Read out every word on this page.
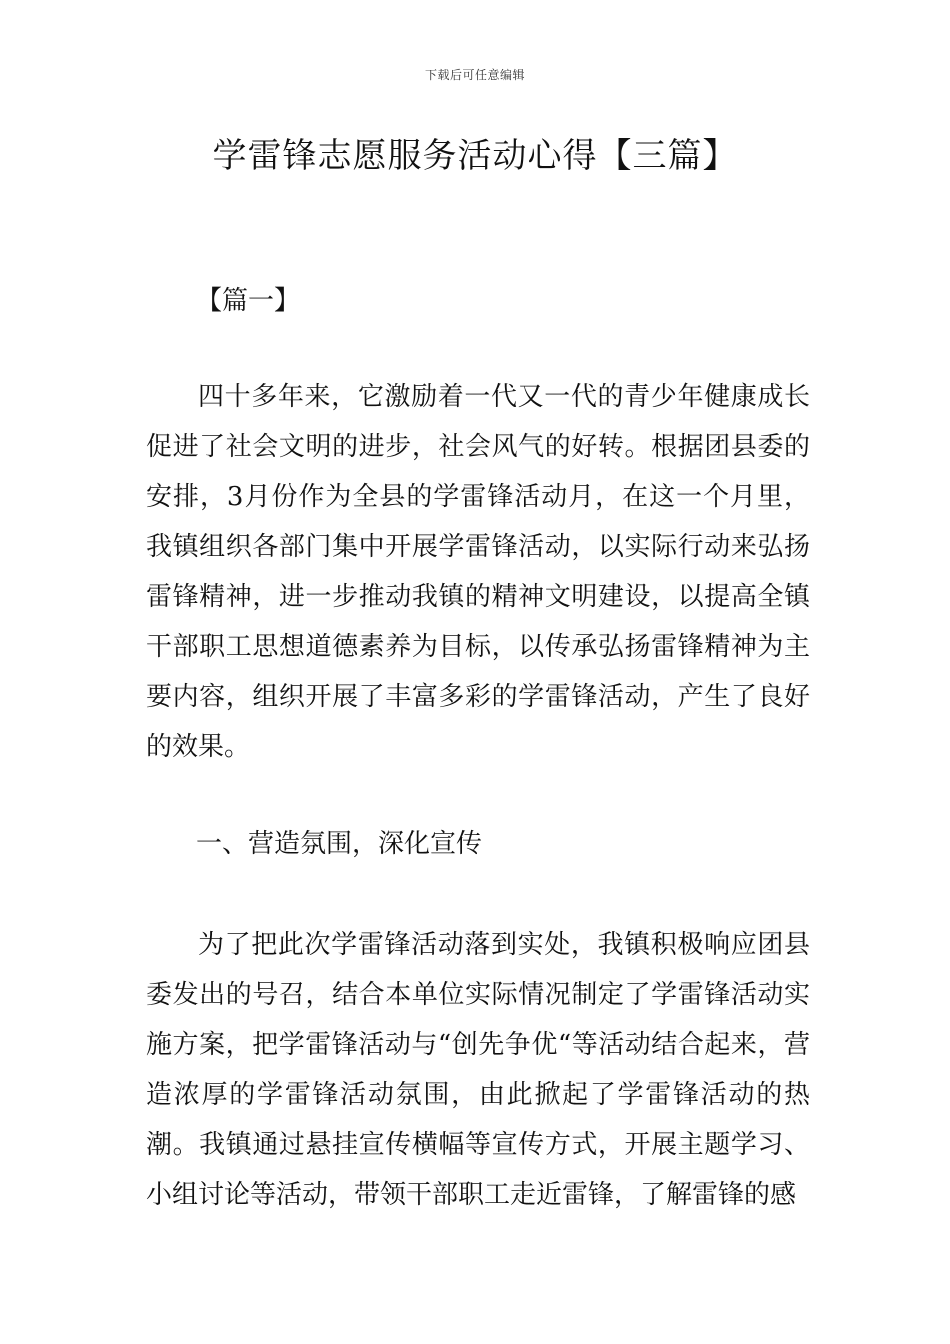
下载后可任意编辑
学雷锋志愿服务活动心得【三篇】
【篇一】

四十多年来，它激励着一代又一代的青少年健康成长促进了社会文明的进步，社会风气的好转。根据团县委的安排，3月份作为全县的学雷锋活动月，在这一个月里，我镇组织各部门集中开展学雷锋活动，以实际行动来弘扬雷锋精神，进一步推动我镇的精神文明建设，以提高全镇干部职工思想道德素养为目标，以传承弘扬雷锋精神为主要内容，组织开展了丰富多彩的学雷锋活动，产生了良好的效果。

一、营造氛围，深化宣传

为了把此次学雷锋活动落到实处，我镇积极响应团县委发出的号召，结合本单位实际情况制定了学雷锋活动实施方案，把学雷锋活动与“创先争优“等活动结合起来，营造浓厚的学雷锋活动氛围，由此掀起了学雷锋活动的热潮。我镇通过悬挂宣传横幅等宣传方式，开展主题学习、小组讨论等活动，带领干部职工走近雷锋，了解雷锋的感
